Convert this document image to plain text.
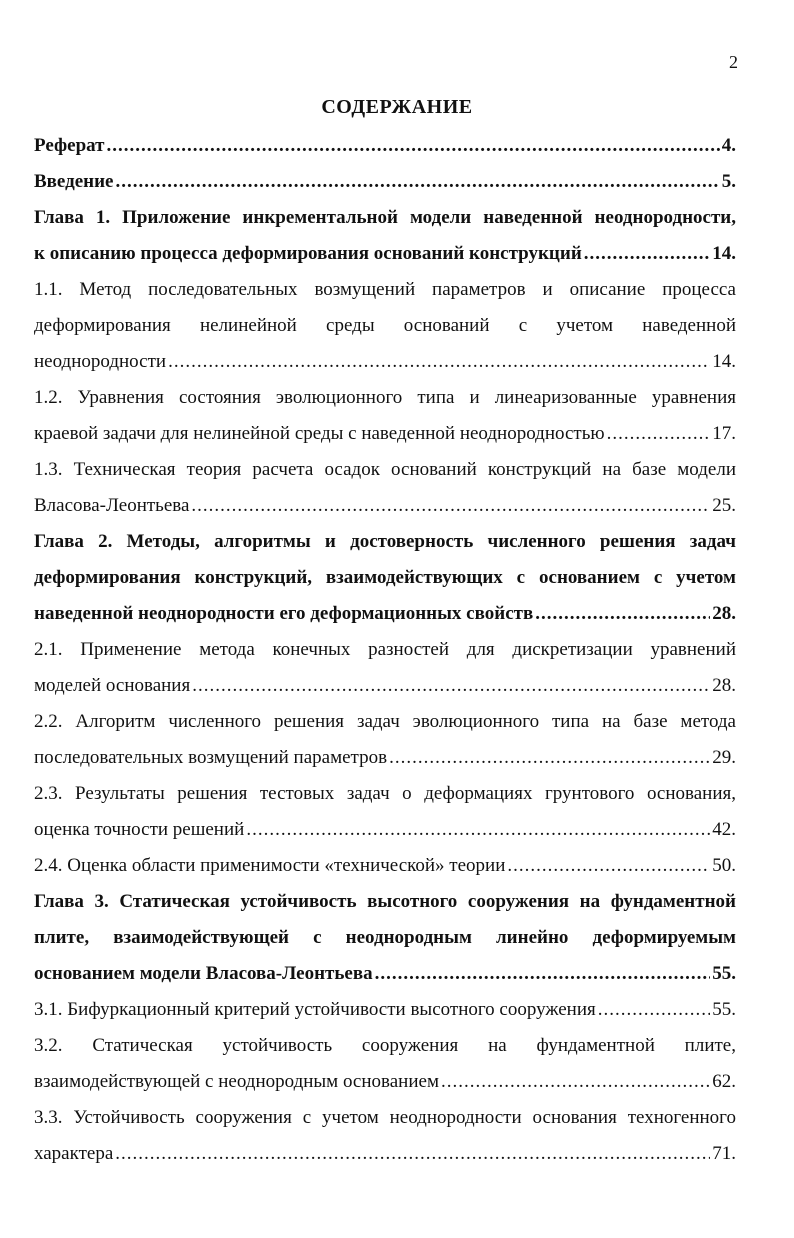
2
СОДЕРЖАНИЕ
Реферат .....	4.
Введение .....	5.
Глава 1. Приложение инкрементальной модели наведенной неоднородности,
к описанию процесса деформирования оснований конструкций .....	14.
1.1. Метод последовательных возмущений параметров и описание процесса
деформирования нелинейной среды оснований с учетом наведенной
неоднородности .....	14.
1.2. Уравнения состояния эволюционного типа и линеаризованные уравнения
краевой задачи для нелинейной среды с наведенной неоднородностью .....	17.
1.3. Техническая теория расчета осадок оснований конструкций на базе модели
Власова-Леонтьева .....	25.
Глава 2. Методы, алгоритмы и достоверность численного решения задач
деформирования конструкций, взаимодействующих с основанием с учетом
наведенной неоднородности его деформационных свойств .....	28.
2.1. Применение метода конечных разностей для дискретизации уравнений
моделей основания .....	28.
2.2. Алгоритм численного решения задач эволюционного типа на базе метода
последовательных возмущений параметров .....	29.
2.3. Результаты решения тестовых задач о деформациях грунтового основания,
оценка точности решений .....	42.
2.4. Оценка области применимости «технической» теории .....	50.
Глава 3. Статическая устойчивость высотного сооружения на фундаментной
плите, взаимодействующей с неоднородным линейно деформируемым
основанием модели Власова-Леонтьева .....	55.
3.1. Бифуркационный критерий устойчивости высотного сооружения .....	55.
3.2. Статическая устойчивость сооружения на фундаментной плите,
взаимодействующей с неоднородным основанием .....	62.
3.3. Устойчивость сооружения с учетом неоднородности основания техногенного
характера .....	71.
